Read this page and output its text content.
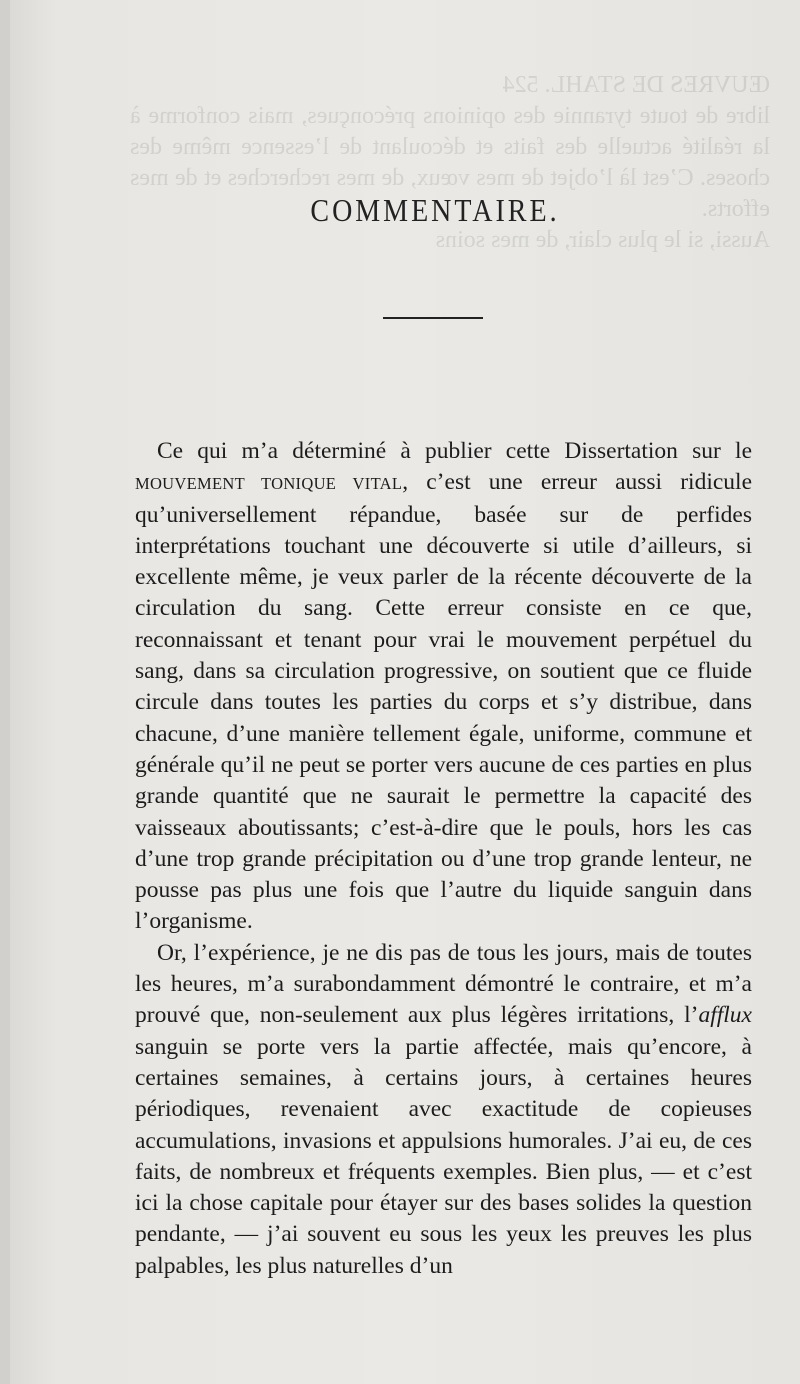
ŒUVRES DE STAHL. 524

libre de toute tyrannie des opinions préconçues, mais conforme à la réalité actuelle des faits et découlant de l’essence même des choses. C’est là l’objet de mes vœux, de mes recherches et de mes efforts.

Aussi, si le plus clair, de mes soins

COMMENTAIRE.

Ce qui m’a déterminé à publier cette Dissertation sur le MOUVEMENT TONIQUE VITAL, c’est une erreur aussi ridicule qu’universellement répandue, basée sur de perfides interprétations touchant une découverte si utile d’ailleurs, si excellente même, je veux parler de la récente découverte de la circulation du sang. Cette erreur consiste en ce que, reconnaissant et tenant pour vrai le mouvement perpétuel du sang, dans sa circulation progressive, on soutient que ce fluide circule dans toutes les parties du corps et s’y distribue, dans chacune, d’une manière tellement égale, uniforme, commune et générale qu’il ne peut se porter vers aucune de ces parties en plus grande quantité que ne saurait le permettre la capacité des vaisseaux aboutissants; c’est-à-dire que le pouls, hors les cas d’une trop grande précipitation ou d’une trop grande lenteur, ne pousse pas plus une fois que l’autre du liquide sanguin dans l’organisme.

Or, l’expérience, je ne dis pas de tous les jours, mais de toutes les heures, m’a surabondamment démontré le contraire, et m’a prouvé que, non-seulement aux plus légères irritations, l’afflux sanguin se porte vers la partie affectée, mais qu’encore, à certaines semaines, à certains jours, à certaines heures périodiques, revenaient avec exactitude de copieuses accumulations, invasions et appulsions humorales. J’ai eu, de ces faits, de nombreux et fréquents exemples. Bien plus, — et c’est ici la chose capitale pour étayer sur des bases solides la question pendante, — j’ai souvent eu sous les yeux les preuves les plus palpables, les plus naturelles d’un
